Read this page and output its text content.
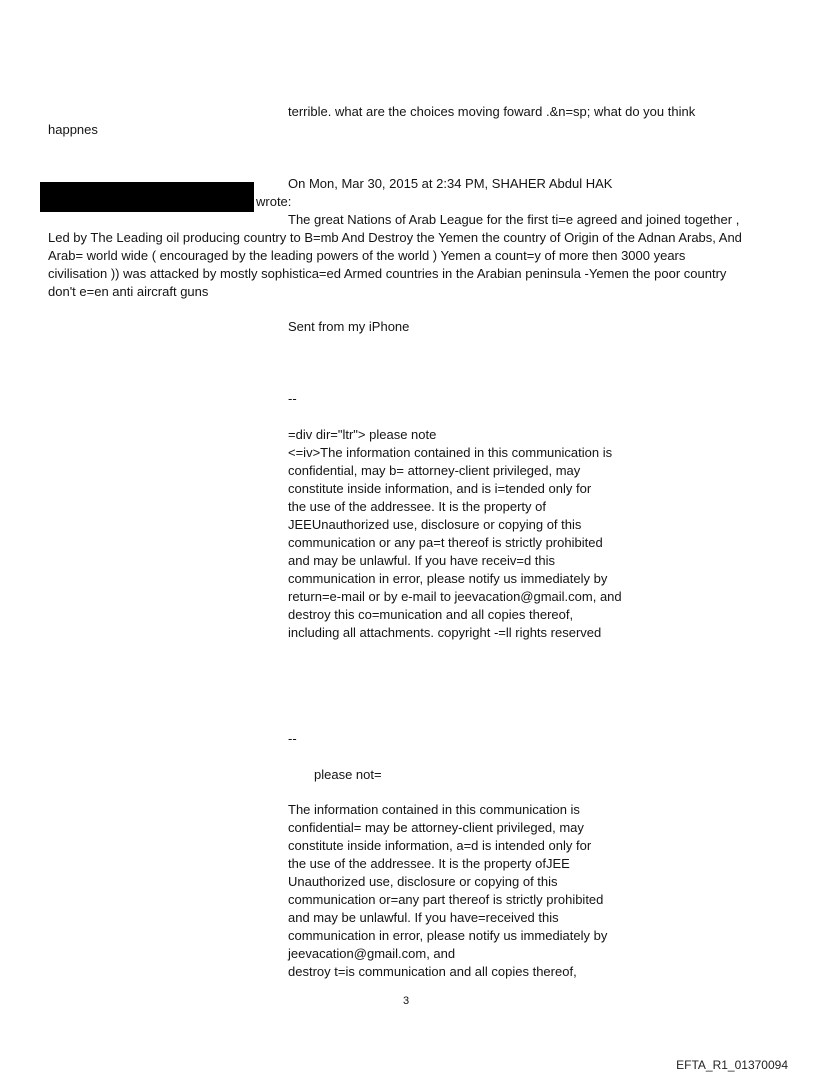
terrible. what are the choices moving foward .&n=sp; what do you think
happnes
On Mon, Mar 30, 2015 at 2:34 PM, SHAHER Abdul HAK
wrote:
The great Nations of Arab League for the first ti=e agreed and joined together ,
Led by The Leading oil producing country to B=mb And Destroy the Yemen the country of Origin of the Adnan Arabs, And
Arab= world wide ( encouraged by the leading powers of the world ) Yemen a count=y of more then 3000 years
civilisation )) was attacked by mostly sophistica=ed Armed countries in the Arabian peninsula -Yemen the poor country
don't e=en anti aircraft guns
Sent from my iPhone
--
=div dir="ltr"> please note
<=iv>The information contained in this communication is
confidential, may b= attorney-client privileged, may
constitute inside information, and is i=tended only for
the use of the addressee. It is the property of
JEEUnauthorized use, disclosure or copying of this
communication or any pa=t thereof is strictly prohibited
and may be unlawful. If you have receiv=d this
communication in error, please notify us immediately by
return=e-mail or by e-mail to jeevacation@gmail.com, and
destroy this co=munication and all copies thereof,
including all attachments. copyright -=ll rights reserved
--
please not=
The information contained in this communication is
confidential= may be attorney-client privileged, may
constitute inside information, a=d is intended only for
the use of the addressee. It is the property ofJEE
Unauthorized use, disclosure or copying of this
communication or=any part thereof is strictly prohibited
and may be unlawful. If you have=received this
communication in error, please notify us immediately by
jeevacation@gmail.com, and
destroy t=is communication and all copies thereof,
3
EFTA_R1_01370094
